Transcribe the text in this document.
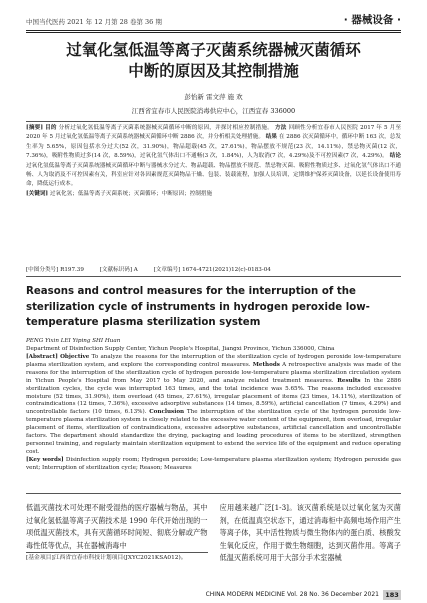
中国当代医药 2021 年 12 月第 28 卷第 36 期	· 器械设备 ·
过氧化氢低温等离子灭菌系统器械灭菌循环
中断的原因及其控制措施
彭怡新 雷文萍 施 欢
江西省宜春市人民医院消毒供应中心，江西宜春 336000
[摘要] 目的 分析过氧化氢低温等离子灭菌系统器械灭菌循环中断的原因，并探讨相应控制措施。 方法 回顾性分析宜春市人民医院 2017 年 5 月至 2020 年 5 月过氧化氢低温等离子灭菌系统器械灭菌循环中断 2886 次，并分析相关处理措施。 结果 在 2886 次灭菌循环中，循环中断 163 次，总发生率为 5.65%，原因包括水分过大(52 次，31.90%)，物品超载(45 次，27.61%)，物品摆放不规范(23 次，14.11%)，禁忌物灭菌(12 次，7.36%)，吸附性物质过多(14 次，8.59%)，过氧化氢气体出口不通畅(3 次，1.84%)，人为取消(7 次，4.29%)及不可控因素(7 次，4.29%)。 结论 过氧化氢低温等离子灭菌系统器械灭菌循环中断与器械水分过大、物品超载、物品摆放不规范、禁忌物灭菌、吸附性物质过多、过氧化氢气体出口不通畅、人为取消及不可控因素有关，科室应针对各因素规范灭菌物品干燥、包装、装载流程，加强人员培训，定期维护保养灭菌设备，以延长设备使用寿命，降低运行成本。
[关键词] 过氧化氢；低温等离子灭菌系统；灭菌循环；中断原因；控制措施
[中图分类号] R197.39	[文献标识码] A	[文章编号] 1674-4721(2021)12(c)-0183-04
Reasons and control measures for the interruption of the sterilization cycle of instruments in hydrogen peroxide low-temperature plasma sterilization system
PENG Yixin LEI Yiping SHI Huan
Department of Disinfection Supply Center, Yichun People's Hospital, Jiangxi Province, Yichun 336000, China
[Abstract] Objective To analyze the reasons for the interruption of the sterilization cycle of hydrogen peroxide low-temperature plasma sterilization system, and explore the corresponding control measures. Methods A retrospective analysis was made of the reasons for the interruption of the sterilization cycle of hydrogen peroxide low-temperature plasma sterilization circulation system in Yichun People's Hospital from May 2017 to May 2020, and analyze related treatment measures. Results In the 2886 sterilization cycles, the cycle was interrupted 163 times, and the total incidence was 5.65%. The reasons included excessive moisture (52 times, 31.90%), item overload (45 times, 27.61%), irregular placement of items (23 times, 14.11%), sterilization of contraindications (12 times, 7.36%), excessive adsorptive substances (14 times, 8.59%), artificial cancellation (7 times, 4.29%) and uncontrollable factors (10 times, 6.13%). Conclusion The interruption of the sterilization cycle of the hydrogen peroxide low-temperature plasma sterilization system is closely related to the excessive water content of the equipment, item overload, irregular placement of items, sterilization of contraindications, excessive adsorptive substances, artificial cancellation and uncontrollable factors. The department should standardize the drying, packaging and loading procedures of items to be sterilized, strengthen personnel training, and regularly maintain sterilization equipment to extend the service life of the equipment and reduce operating cost.
[Key words] Disinfection supply room; Hydrogen peroxide; Low-temperature plasma sterilization system; Hydrogen peroxide gas vent; Interruption of sterilization cycle; Reason; Measures
低温灭菌技术可处理不耐受湿热的医疗器械与物品，其中过氧化氢低温等离子灭菌技术是 1990 年代开始出现的一项低温灭菌技术，具有灭菌循环时间短、彻底分解或产物毒性低等优点，其在器械消毒中
[基金项目]江西省宜春市科技计划项目(JXYC2021KSA012)。
应用越来越广泛[1-3]。该灭菌系统是以过氧化氢为灭菌剂，在低温真空状态下，通过消毒柜中高频电场作用产生等离子体，其中活性物质与微生物体内的蛋白质、核酸发生氧化反应，作用于微生物细胞，达到灭菌作用。等离子低温灭菌系统可用于大部分手术室器械
CHINA MODERN MEDICINE Vol. 28 No. 36 December 2021 183
